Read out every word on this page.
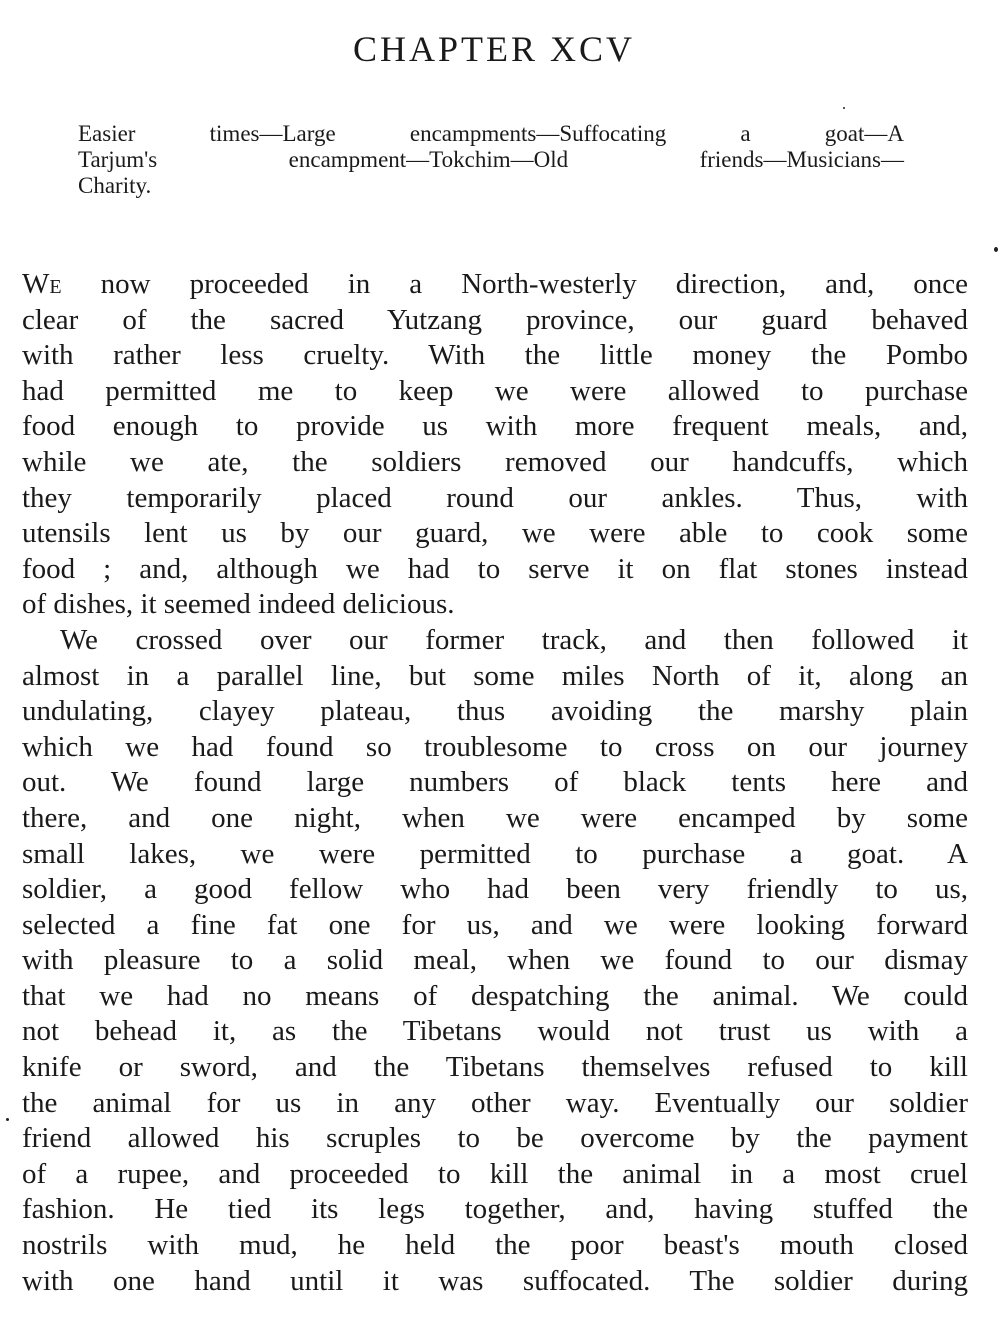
CHAPTER XCV
Easier times—Large encampments—Suffocating a goat—A
Tarjum's encampment—Tokchim—Old friends—Musicians—
Charity.
We now proceeded in a North-westerly direction, and, once
clear of the sacred Yutzang province, our guard behaved
with rather less cruelty. With the little money the Pombo
had permitted me to keep we were allowed to purchase
food enough to provide us with more frequent meals, and,
while we ate, the soldiers removed our handcuffs, which
they temporarily placed round our ankles. Thus, with
utensils lent us by our guard, we were able to cook some
food ; and, although we had to serve it on flat stones instead
of dishes, it seemed indeed delicious.
We crossed over our former track, and then followed it
almost in a parallel line, but some miles North of it, along an
undulating, clayey plateau, thus avoiding the marshy plain
which we had found so troublesome to cross on our journey
out. We found large numbers of black tents here and
there, and one night, when we were encamped by some
small lakes, we were permitted to purchase a goat. A
soldier, a good fellow who had been very friendly to us,
selected a fine fat one for us, and we were looking forward
with pleasure to a solid meal, when we found to our dismay
that we had no means of despatching the animal. We could
not behead it, as the Tibetans would not trust us with a
knife or sword, and the Tibetans themselves refused to kill
the animal for us in any other way. Eventually our soldier
friend allowed his scruples to be overcome by the payment
of a rupee, and proceeded to kill the animal in a most cruel
fashion. He tied its legs together, and, having stuffed the
nostrils with mud, he held the poor beast's mouth closed
with one hand until it was suffocated. The soldier during
